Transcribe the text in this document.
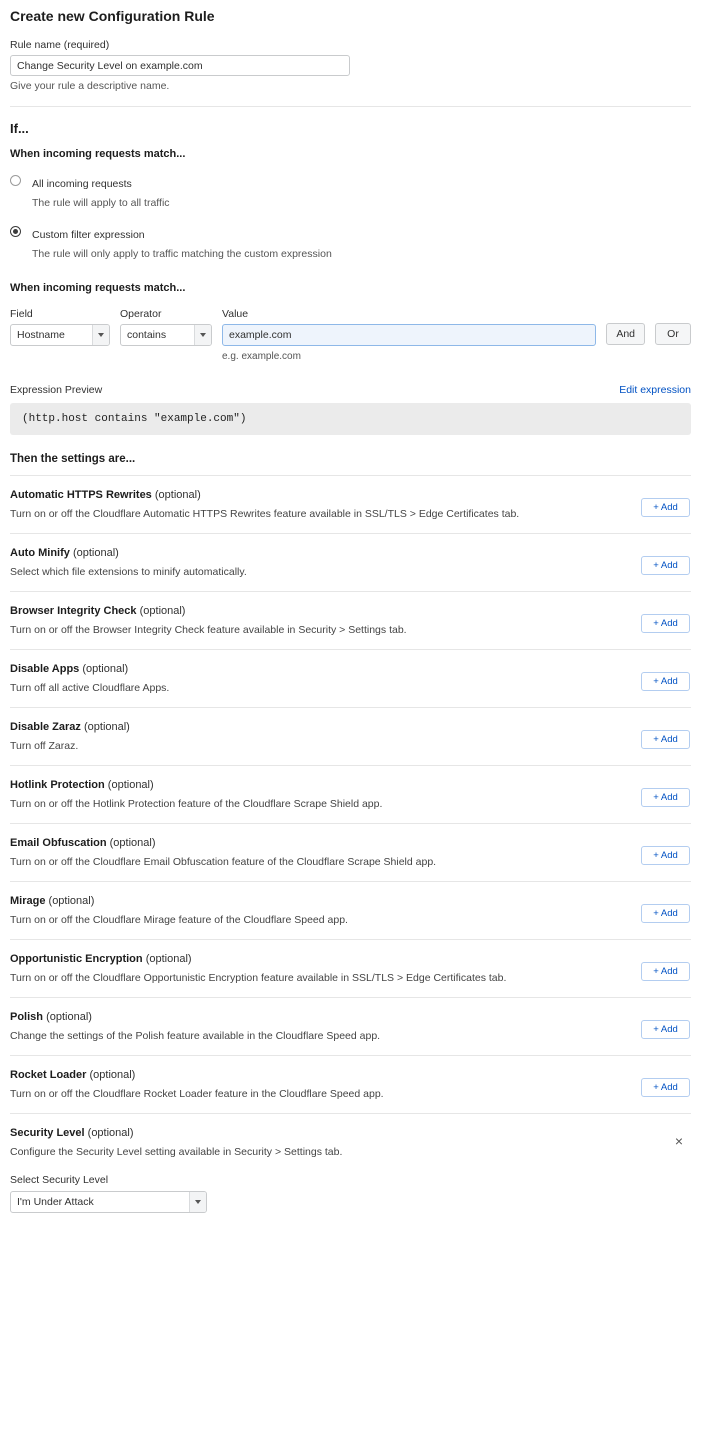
Create new Configuration Rule
Rule name (required)
Change Security Level on example.com
Give your rule a descriptive name.
If...
When incoming requests match...
All incoming requests
The rule will apply to all traffic
Custom filter expression
The rule will only apply to traffic matching the custom expression
When incoming requests match...
Field
Hostname
Operator
contains
Value
example.com
e.g. example.com
And	Or
Expression Preview	Edit expression
(http.host contains "example.com")
Then the settings are...
Automatic HTTPS Rewrites (optional)
Turn on or off the Cloudflare Automatic HTTPS Rewrites feature available in SSL/TLS > Edge Certificates tab.
+ Add
Auto Minify (optional)
Select which file extensions to minify automatically.
+ Add
Browser Integrity Check (optional)
Turn on or off the Browser Integrity Check feature available in Security > Settings tab.
+ Add
Disable Apps (optional)
Turn off all active Cloudflare Apps.
+ Add
Disable Zaraz (optional)
Turn off Zaraz.
+ Add
Hotlink Protection (optional)
Turn on or off the Hotlink Protection feature of the Cloudflare Scrape Shield app.
+ Add
Email Obfuscation (optional)
Turn on or off the Cloudflare Email Obfuscation feature of the Cloudflare Scrape Shield app.
+ Add
Mirage (optional)
Turn on or off the Cloudflare Mirage feature of the Cloudflare Speed app.
+ Add
Opportunistic Encryption (optional)
Turn on or off the Cloudflare Opportunistic Encryption feature available in SSL/TLS > Edge Certificates tab.
+ Add
Polish (optional)
Change the settings of the Polish feature available in the Cloudflare Speed app.
+ Add
Rocket Loader (optional)
Turn on or off the Cloudflare Rocket Loader feature in the Cloudflare Speed app.
+ Add
Security Level (optional)
Configure the Security Level setting available in Security > Settings tab.
×
Select Security Level
I'm Under Attack
